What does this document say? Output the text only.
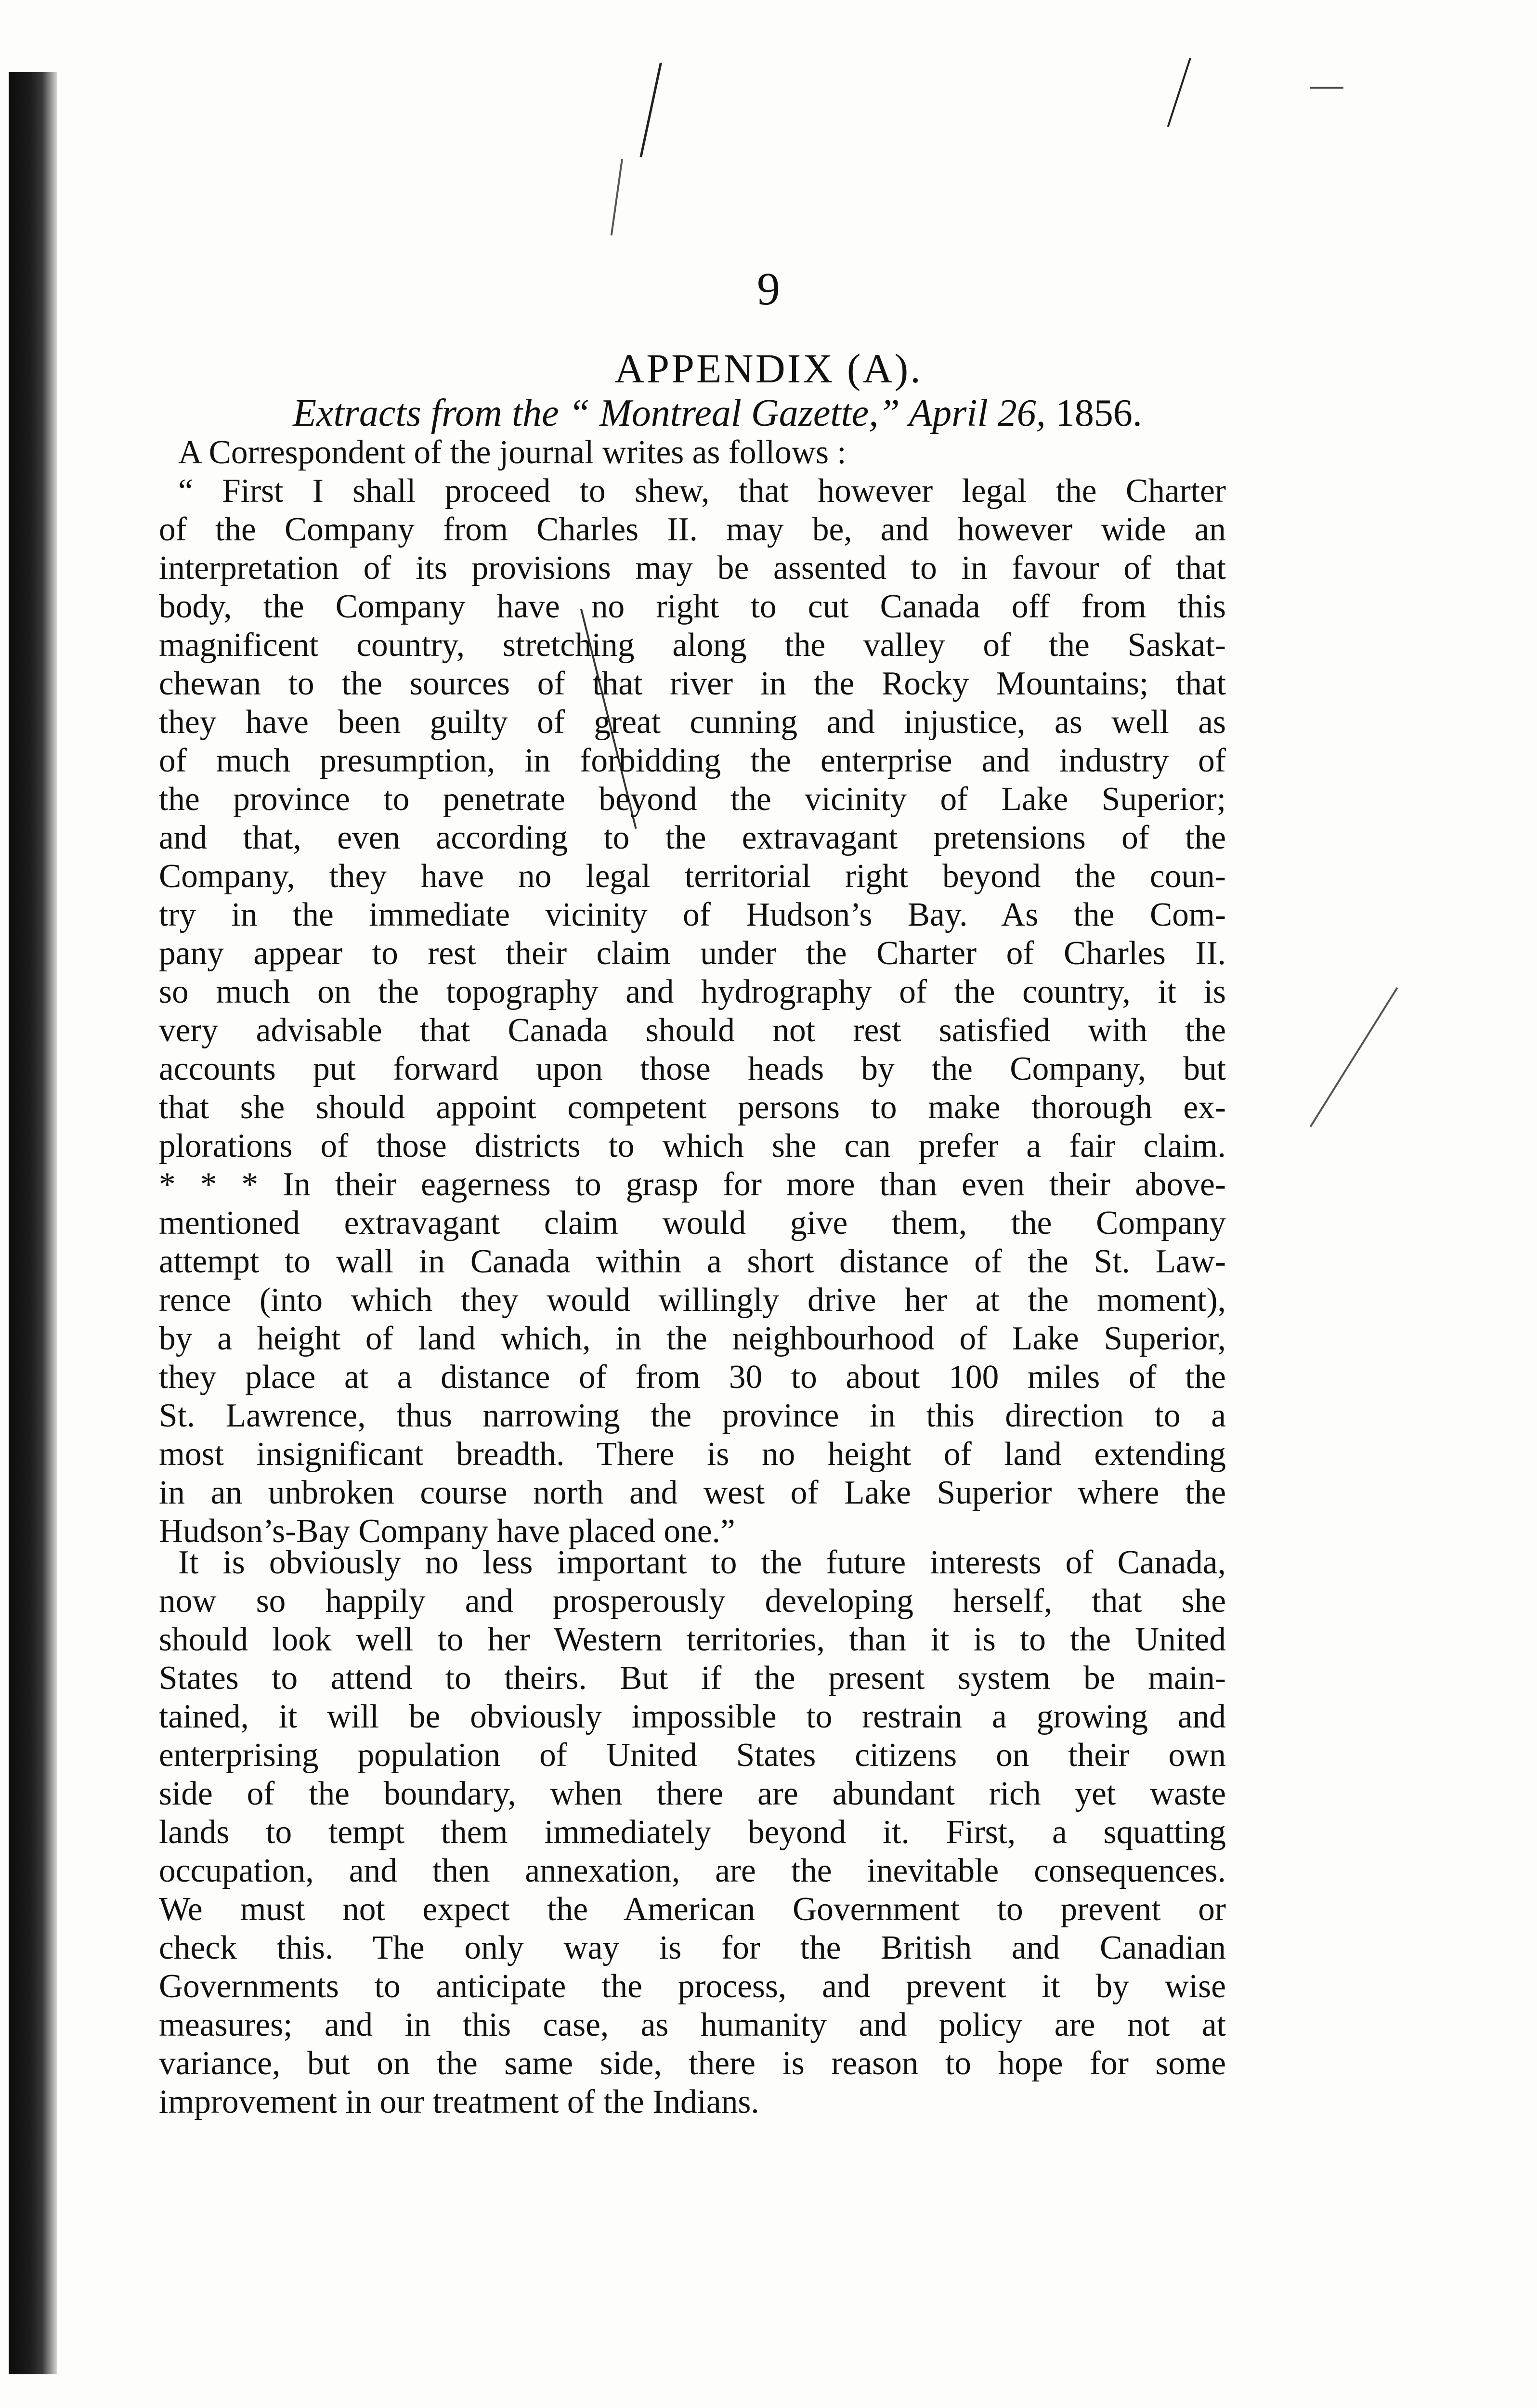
9
APPENDIX (A).
Extracts from the “ Montreal Gazette,” April 26, 1856.
A Correspondent of the journal writes as follows :
“ First I shall proceed to shew, that however legal the Charter
of the Company from Charles II. may be, and however wide an
interpretation of its provisions may be assented to in favour of that
body, the Company have no right to cut Canada off from this
magnificent country, stretching along the valley of the Saskat-
chewan to the sources of that river in the Rocky Mountains; that
they have been guilty of great cunning and injustice, as well as
of much presumption, in forbidding the enterprise and industry of
the province to penetrate beyond the vicinity of Lake Superior;
and that, even according to the extravagant pretensions of the
Company, they have no legal territorial right beyond the coun-
try in the immediate vicinity of Hudson’s Bay. As the Com-
pany appear to rest their claim under the Charter of Charles II.
so much on the topography and hydrography of the country, it is
very advisable that Canada should not rest satisfied with the
accounts put forward upon those heads by the Company, but
that she should appoint competent persons to make thorough ex-
plorations of those districts to which she can prefer a fair claim.
* * * In their eagerness to grasp for more than even their above-
mentioned extravagant claim would give them, the Company
attempt to wall in Canada within a short distance of the St. Law-
rence (into which they would willingly drive her at the moment),
by a height of land which, in the neighbourhood of Lake Superior,
they place at a distance of from 30 to about 100 miles of the
St. Lawrence, thus narrowing the province in this direction to a
most insignificant breadth. There is no height of land extending
in an unbroken course north and west of Lake Superior where the
Hudson’s-Bay Company have placed one.”
It is obviously no less important to the future interests of Canada,
now so happily and prosperously developing herself, that she
should look well to her Western territories, than it is to the United
States to attend to theirs. But if the present system be main-
tained, it will be obviously impossible to restrain a growing and
enterprising population of United States citizens on their own
side of the boundary, when there are abundant rich yet waste
lands to tempt them immediately beyond it. First, a squatting
occupation, and then annexation, are the inevitable consequences.
We must not expect the American Government to prevent or
check this. The only way is for the British and Canadian
Governments to anticipate the process, and prevent it by wise
measures; and in this case, as humanity and policy are not at
variance, but on the same side, there is reason to hope for some
improvement in our treatment of the Indians.
